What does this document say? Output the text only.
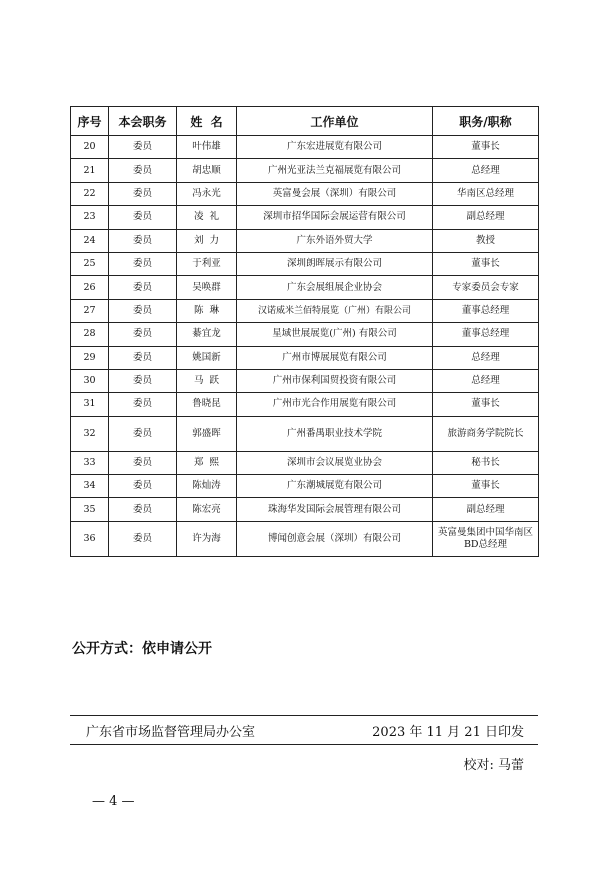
序号	本会职务	姓  名	工作单位	职务/职称
20	委员	叶伟雄	广东宏进展览有限公司	董事长
21	委员	胡忠顺	广州光亚法兰克福展览有限公司	总经理
22	委员	冯永光	英富曼会展（深圳）有限公司	华南区总经理
23	委员	凌  礼	深圳市招华国际会展运营有限公司	副总经理
24	委员	刘  力	广东外语外贸大学	教授
25	委员	于利亚	深圳朗晖展示有限公司	董事长
26	委员	吴唤群	广东会展组展企业协会	专家委员会专家
27	委员	陈  琳	汉诺威米兰佰特展览（广州）有限公司	董事总经理
28	委员	綦宜龙	星域世展展览(广州) 有限公司	董事总经理
29	委员	姚国新	广州市博展展览有限公司	总经理
30	委员	马  跃	广州市保利国贸投资有限公司	总经理
31	委员	鲁晓昆	广州市光合作用展览有限公司	董事长
32	委员	郭盛晖	广州番禺职业技术学院	旅游商务学院院长
33	委员	郑  熙	深圳市会议展览业协会	秘书长
34	委员	陈灿涛	广东潮城展览有限公司	董事长
35	委员	陈宏亮	珠海华发国际会展管理有限公司	副总经理
36	委员	许为海	博闻创意会展（深圳）有限公司	英富曼集团中国华南区 BD总经理
公开方式：依申请公开
广东省市场监督管理局办公室	2023 年 11 月 21 日印发
校对: 马蕾
— 4 —
